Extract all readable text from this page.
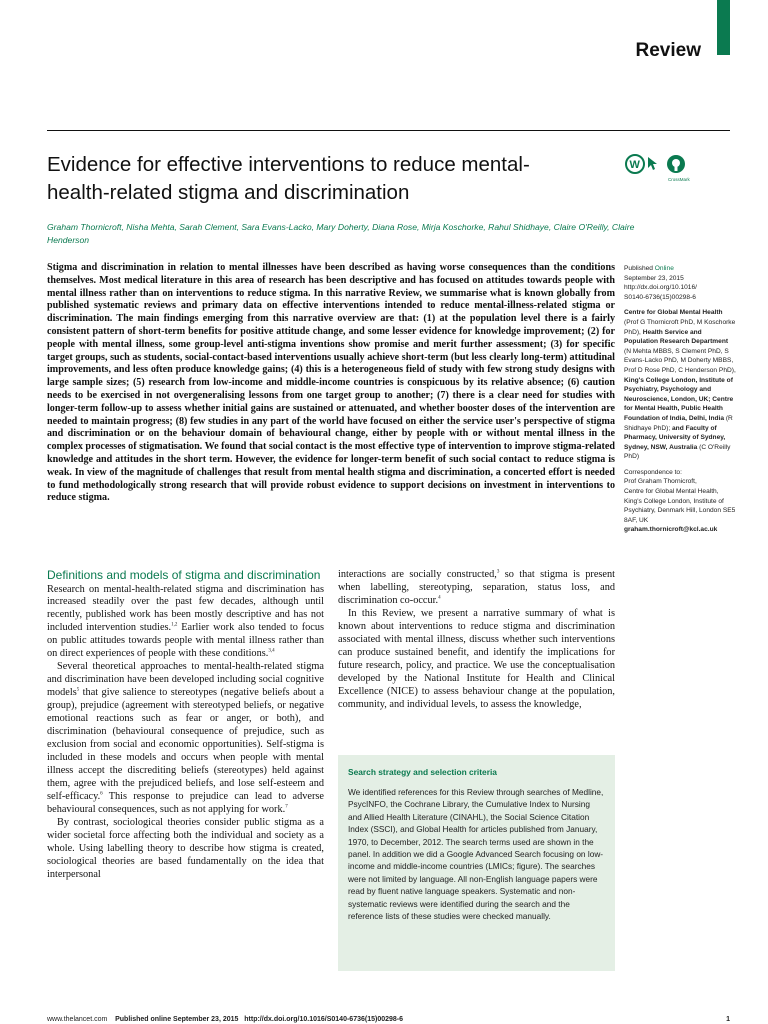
Review
Evidence for effective interventions to reduce mental-health-related stigma and discrimination
W
CrossMark
Graham Thornicroft, Nisha Mehta, Sarah Clement, Sara Evans-Lacko, Mary Doherty, Diana Rose, Mirja Koschorke, Rahul Shidhaye, Claire O'Reilly, Claire Henderson

Stigma and discrimination in relation to mental illnesses have been described as having worse consequences than the conditions themselves. Most medical literature in this area of research has been descriptive and has focused on attitudes towards people with mental illness rather than on interventions to reduce stigma. In this narrative Review, we summarise what is known globally from published systematic reviews and primary data on effective interventions intended to reduce mental-illness-related stigma or discrimination. The main findings emerging from this narrative overview are that: (1) at the population level there is a fairly consistent pattern of short-term benefits for positive attitude change, and some lesser evidence for knowledge improvement; (2) for people with mental illness, some group-level anti-stigma inventions show promise and merit further assessment; (3) for specific target groups, such as students, social-contact-based interventions usually achieve short-term (but less clearly long-term) attitudinal improvements, and less often produce knowledge gains; (4) this is a heterogeneous field of study with few strong study designs with large sample sizes; (5) research from low-income and middle-income countries is conspicuous by its relative absence; (6) caution needs to be exercised in not overgeneralising lessons from one target group to another; (7) there is a clear need for studies with longer-term follow-up to assess whether initial gains are sustained or attenuated, and whether booster doses of the intervention are needed to maintain progress; (8) few studies in any part of the world have focused on either the service user's perspective of stigma and discrimination or on the behaviour domain of behavioural change, either by people with or without mental illness in the complex processes of stigmatisation. We found that social contact is the most effective type of intervention to improve stigma-related knowledge and attitudes in the short term. However, the evidence for longer-term benefit of such social contact to reduce stigma is weak. In view of the magnitude of challenges that result from mental health stigma and discrimination, a concerted effort is needed to fund methodologically strong research that will provide robust evidence to support decisions on investment in interventions to reduce stigma.

Published Online
September 23, 2015
http://dx.doi.org/10.1016/
S0140-6736(15)00298-6

Centre for Global Mental Health (Prof G Thornicroft PhD, M Koschorke PhD), Health Service and Population Research Department (N Mehta MBBS, S Clement PhD, S Evans-Lacko PhD, M Doherty MBBS, Prof D Rose PhD, C Henderson PhD), King's College London, Institute of Psychiatry, Psychology and Neuroscience, London, UK; Centre for Mental Health, Public Health Foundation of India, Delhi, India (R Shidhaye PhD); and Faculty of Pharmacy, University of Sydney, Sydney, NSW, Australia (C O'Reilly PhD)

Correspondence to:
Prof Graham Thornicroft,
Centre for Global Mental Health, King's College London, Institute of Psychiatry, Denmark Hill, London SE5 8AF, UK
graham.thornicroft@kcl.ac.uk

Definitions and models of stigma and discrimination

Research on mental-health-related stigma and discrimination has increased steadily over the past few decades, although until recently, published work has been mostly descriptive and has not included intervention studies.$^{1,2}$ Earlier work also tended to focus on public attitudes towards people with mental illness rather than on direct experiences of people with these conditions.$^{3,4}$

Several theoretical approaches to mental-health-related stigma and discrimination have been developed including social cognitive models$^5$ that give salience to stereotypes (negative beliefs about a group), prejudice (agreement with stereotyped beliefs, or negative emotional reactions such as fear or anger, or both), and discrimination (behavioural consequence of prejudice, such as exclusion from social and economic opportunities). Self-stigma is included in these models and occurs when people with mental illness accept the discrediting beliefs (stereotypes) held against them, agree with the prejudiced beliefs, and lose self-esteem and self-efficacy.$^6$ This response to prejudice can lead to adverse behavioural consequences, such as not applying for work.$^7$

By contrast, sociological theories consider public stigma as a wider societal force affecting both the individual and society as a whole. Using labelling theory to describe how stigma is created, sociological theories are based fundamentally on the idea that interpersonal

interactions are socially constructed,$^3$ so that stigma is present when labelling, stereotyping, separation, status loss, and discrimination co-occur.$^4$

In this Review, we present a narrative summary of what is known about interventions to reduce stigma and discrimination associated with mental illness, discuss whether such interventions can produce sustained benefit, and identify the implications for future research, policy, and practice. We use the conceptualisation developed by the National Institute for Health and Clinical Excellence (NICE) to assess behaviour change at the population, community, and individual levels, to assess the knowledge,

Search strategy and selection criteria

We identified references for this Review through searches of Medline, PsycINFO, the Cochrane Library, the Cumulative Index to Nursing and Allied Health Literature (CINAHL), the Social Science Citation Index (SSCI), and Global Health for articles published from January, 1970, to December, 2012. The search terms used are shown in the panel. In addition we did a Google Advanced Search focusing on low-income and middle-income countries (LMICs; figure). The searches were not limited by language. All non-English language papers were read by fluent native language speakers. Systematic and non-systematic reviews were identified during the search and the reference lists of these studies were checked manually.

www.thelancet.com Published online September 23, 2015 http://dx.doi.org/10.1016/S0140-6736(15)00298-6	1
